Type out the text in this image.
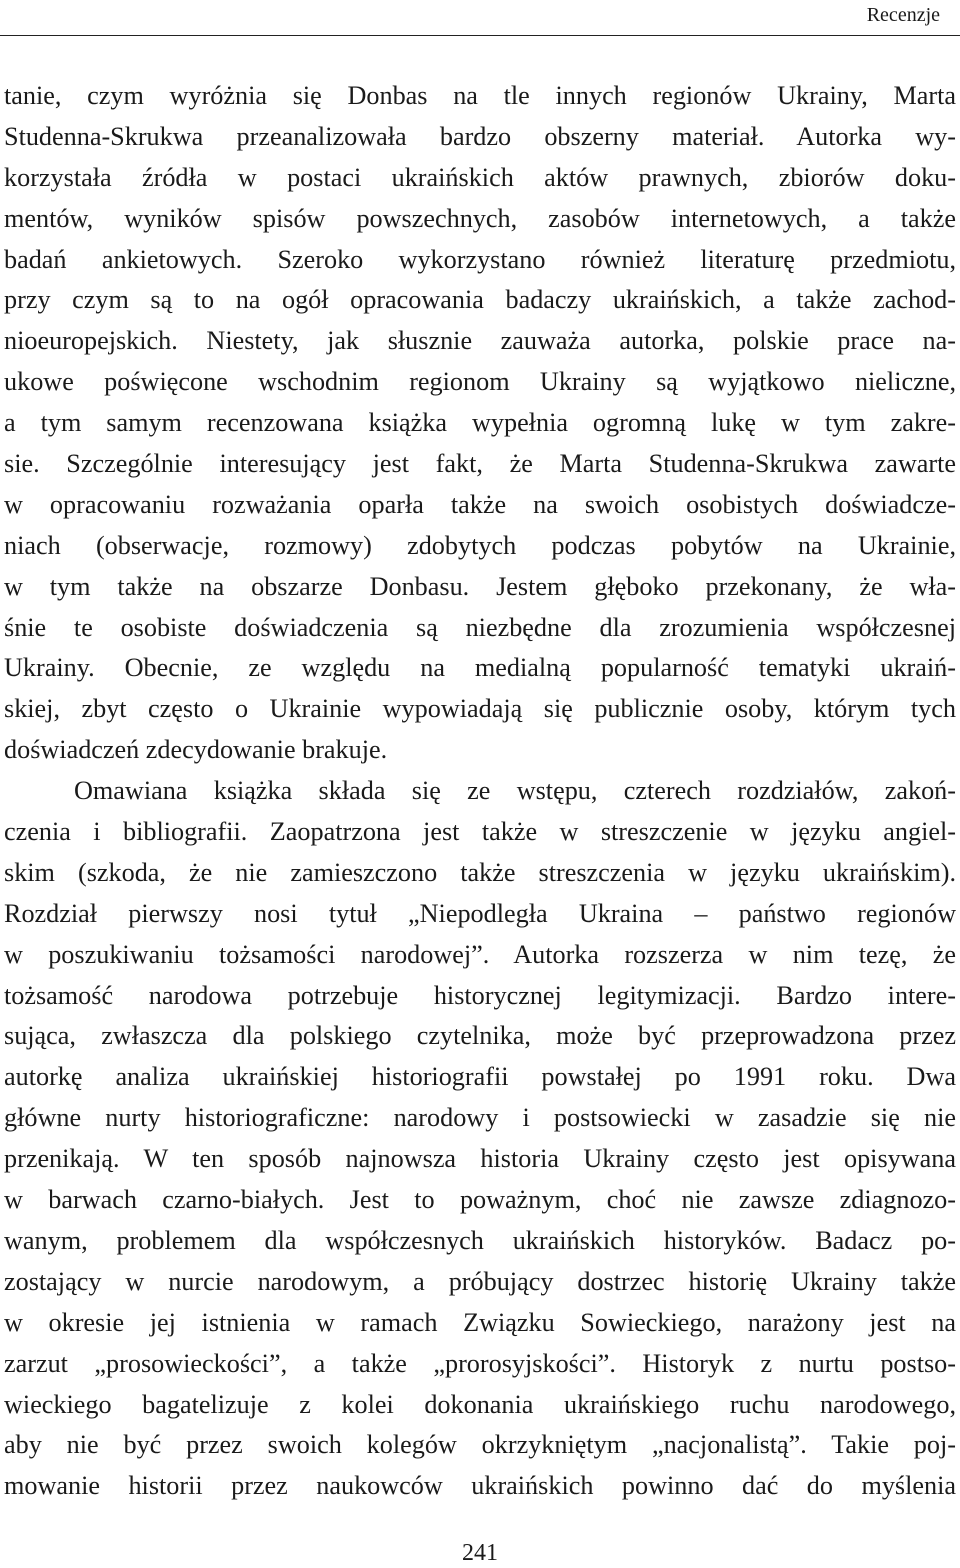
Recenzje
tanie, czym wyróżnia się Donbas na tle innych regionów Ukrainy, Marta
Studenna-Skrukwa przeanalizowała bardzo obszerny materiał. Autorka wy-
korzystała źródła w postaci ukraińskich aktów prawnych, zbiorów doku-
mentów, wyników spisów powszechnych, zasobów internetowych, a także
badań ankietowych. Szeroko wykorzystano również literaturę przedmiotu,
przy czym są to na ogół opracowania badaczy ukraińskich, a także zachod-
nioeuropejskich. Niestety, jak słusznie zauważa autorka, polskie prace na-
ukowe poświęcone wschodnim regionom Ukrainy są wyjątkowo nieliczne,
a tym samym recenzowana książka wypełnia ogromną lukę w tym zakre-
sie. Szczególnie interesujący jest fakt, że Marta Studenna-Skrukwa zawarte
w opracowaniu rozważania oparła także na swoich osobistych doświadcze-
niach (obserwacje, rozmowy) zdobytych podczas pobytów na Ukrainie,
w tym także na obszarze Donbasu. Jestem głęboko przekonany, że wła-
śnie te osobiste doświadczenia są niezbędne dla zrozumienia współczesnej
Ukrainy. Obecnie, ze względu na medialną popularność tematyki ukraiń-
skiej, zbyt często o Ukrainie wypowiadają się publicznie osoby, którym tych
doświadczeń zdecydowanie brakuje.
Omawiana książka składa się ze wstępu, czterech rozdziałów, zakoń-
czenia i bibliografii. Zaopatrzona jest także w streszczenie w języku angiel-
skim (szkoda, że nie zamieszczono także streszczenia w języku ukraińskim).
Rozdział pierwszy nosi tytuł „Niepodległa Ukraina – państwo regionów
w poszukiwaniu tożsamości narodowej”. Autorka rozszerza w nim tezę, że
tożsamość narodowa potrzebuje historycznej legitymizacji. Bardzo intere-
sująca, zwłaszcza dla polskiego czytelnika, może być przeprowadzona przez
autorkę analiza ukraińskiej historiografii powstałej po 1991 roku. Dwa
główne nurty historiograficzne: narodowy i postsowiecki w zasadzie się nie
przenikają. W ten sposób najnowsza historia Ukrainy często jest opisywana
w barwach czarno-białych. Jest to poważnym, choć nie zawsze zdiagnozo-
wanym, problemem dla współczesnych ukraińskich historyków. Badacz po-
zostający w nurcie narodowym, a próbujący dostrzec historię Ukrainy także
w okresie jej istnienia w ramach Związku Sowieckiego, narażony jest na
zarzut „prosowieckości”, a także „prorosyjskości”. Historyk z nurtu postso-
wieckiego bagatelizuje z kolei dokonania ukraińskiego ruchu narodowego,
aby nie być przez swoich kolegów okrzykniętym „nacjonalistą”. Takie poj-
mowanie historii przez naukowców ukraińskich powinno dać do myślenia
241
